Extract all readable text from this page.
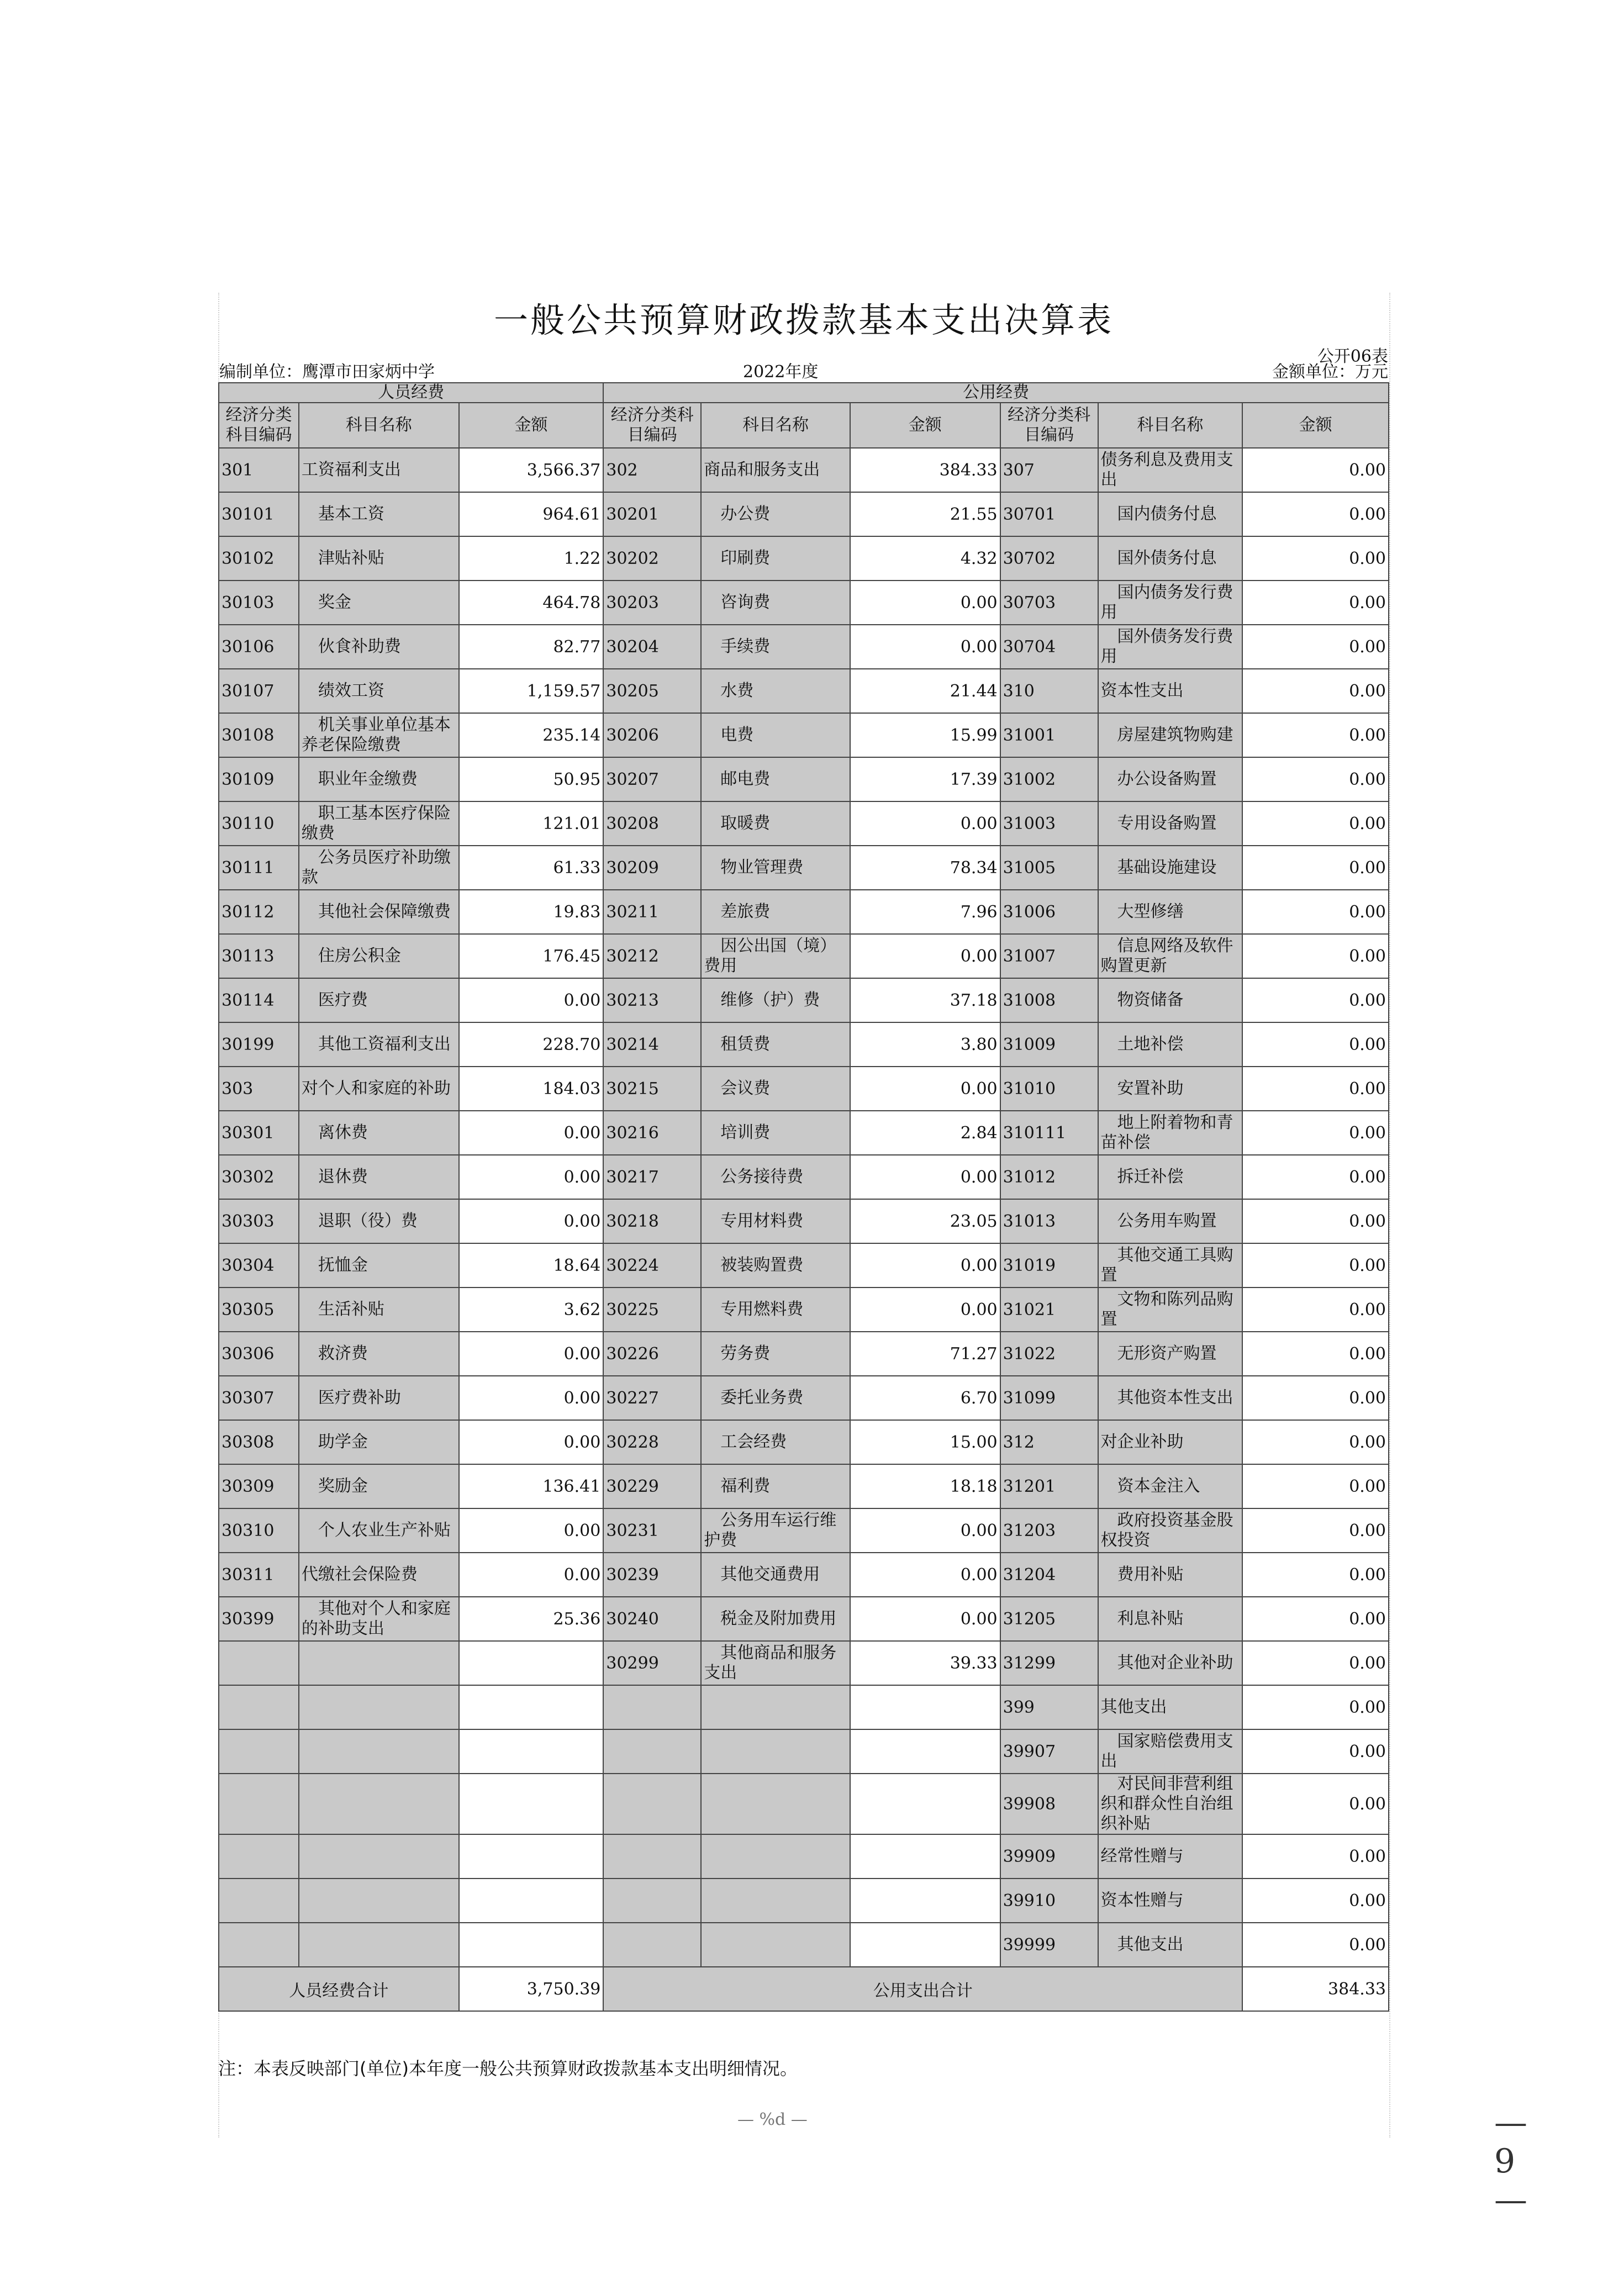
一般公共预算财政拨款基本支出决算表
公开06表
编制单位：鹰潭市田家炳中学	2022年度	金额单位：万元
人员经费			公用经费					
经济分类科目编码	科目名称	金额	经济分类科目编码	科目名称	金额	经济分类科目编码	科目名称	金额
301	工资福利支出	3,566.37	302	商品和服务支出	384.33	307	债务利息及费用支出	0.00
30101	基本工资	964.61	30201	办公费	21.55	30701	国内债务付息	0.00
30102	津贴补贴	1.22	30202	印刷费	4.32	30702	国外债务付息	0.00
30103	奖金	464.78	30203	咨询费	0.00	30703	国内债务发行费用	0.00
30106	伙食补助费	82.77	30204	手续费	0.00	30704	国外债务发行费用	0.00
30107	绩效工资	1,159.57	30205	水费	21.44	310	资本性支出	0.00
30108	机关事业单位基本养老保险缴费	235.14	30206	电费	15.99	31001	房屋建筑物购建	0.00
30109	职业年金缴费	50.95	30207	邮电费	17.39	31002	办公设备购置	0.00
30110	职工基本医疗保险缴费	121.01	30208	取暖费	0.00	31003	专用设备购置	0.00
30111	公务员医疗补助缴款	61.33	30209	物业管理费	78.34	31005	基础设施建设	0.00
30112	其他社会保障缴费	19.83	30211	差旅费	7.96	31006	大型修缮	0.00
30113	住房公积金	176.45	30212	因公出国（境）费用	0.00	31007	信息网络及软件购置更新	0.00
30114	医疗费	0.00	30213	维修（护）费	37.18	31008	物资储备	0.00
30199	其他工资福利支出	228.70	30214	租赁费	3.80	31009	土地补偿	0.00
303	对个人和家庭的补助	184.03	30215	会议费	0.00	31010	安置补助	0.00
30301	离休费	0.00	30216	培训费	2.84	310111	地上附着物和青苗补偿	0.00
30302	退休费	0.00	30217	公务接待费	0.00	31012	拆迁补偿	0.00
30303	退职（役）费	0.00	30218	专用材料费	23.05	31013	公务用车购置	0.00
30304	抚恤金	18.64	30224	被装购置费	0.00	31019	其他交通工具购置	0.00
30305	生活补贴	3.62	30225	专用燃料费	0.00	31021	文物和陈列品购置	0.00
30306	救济费	0.00	30226	劳务费	71.27	31022	无形资产购置	0.00
30307	医疗费补助	0.00	30227	委托业务费	6.70	31099	其他资本性支出	0.00
30308	助学金	0.00	30228	工会经费	15.00	312	对企业补助	0.00
30309	奖励金	136.41	30229	福利费	18.18	31201	资本金注入	0.00
30310	个人农业生产补贴	0.00	30231	公务用车运行维护费	0.00	31203	政府投资基金股权投资	0.00
30311	代缴社会保险费	0.00	30239	其他交通费用	0.00	31204	费用补贴	0.00
30399	其他对个人和家庭的补助支出	25.36	30240	税金及附加费用	0.00	31205	利息补贴	0.00
			30299	其他商品和服务支出	39.33	31299	其他对企业补助	0.00
						399	其他支出	0.00
						39907	国家赔偿费用支出	0.00
						39908	对民间非营利组织和群众性自治组织补贴	0.00
						39909	经常性赠与	0.00
						39910	资本性赠与	0.00
						39999	其他支出	0.00
人员经费合计		3,750.39	公用支出合计					384.33
注：本表反映部门(单位)本年度一般公共预算财政拨款基本支出明细情况。
— %d —	— 9 —
